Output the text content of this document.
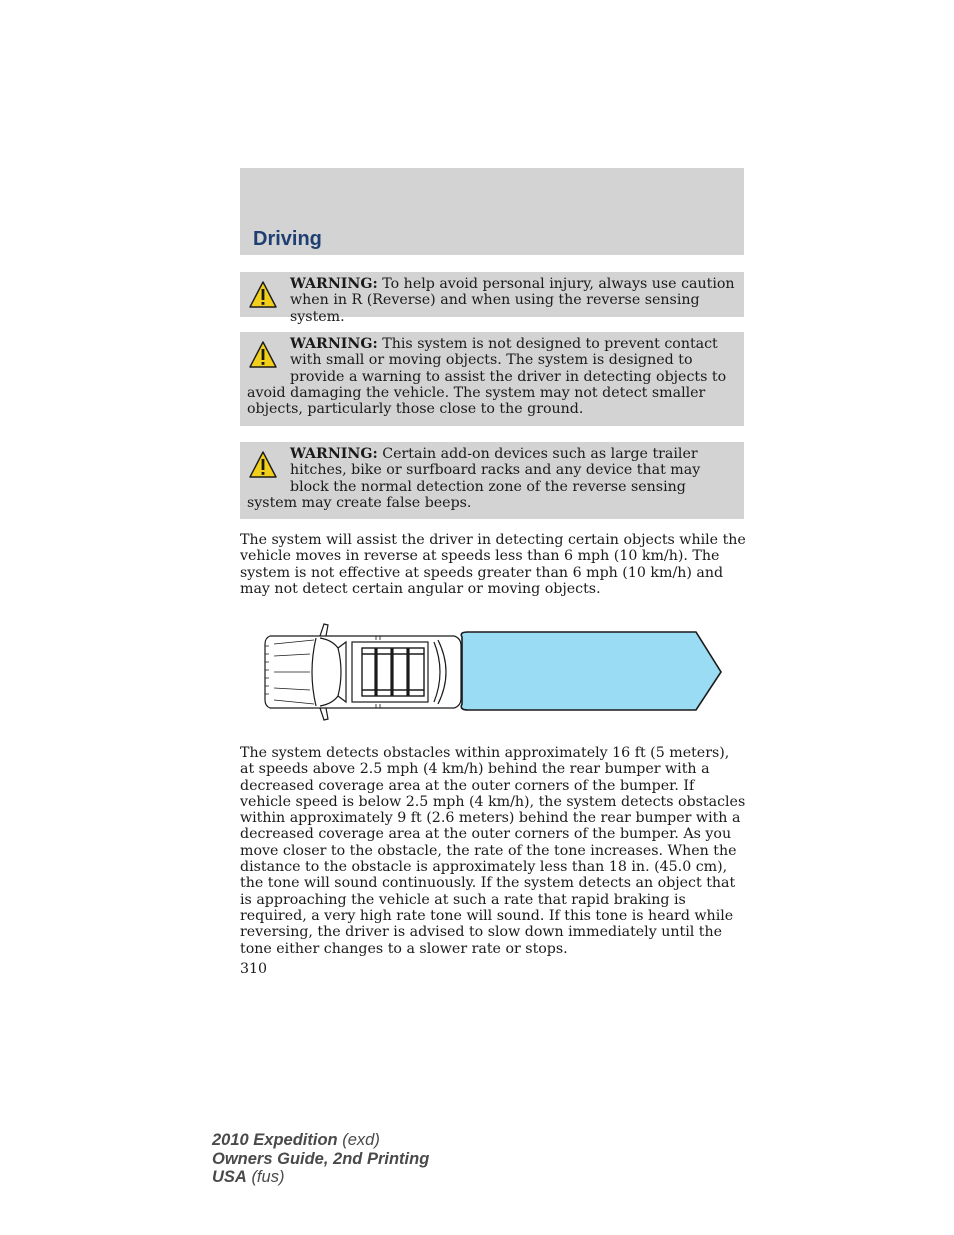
Driving
WARNING: To help avoid personal injury, always use caution when in R (Reverse) and when using the reverse sensing system.
WARNING: This system is not designed to prevent contact with small or moving objects. The system is designed to provide a warning to assist the driver in detecting objects to avoid damaging the vehicle. The system may not detect smaller objects, particularly those close to the ground.
WARNING: Certain add-on devices such as large trailer hitches, bike or surfboard racks and any device that may block the normal detection zone of the reverse sensing system may create false beeps.

The system will assist the driver in detecting certain objects while the vehicle moves in reverse at speeds less than 6 mph (10 km/h). The system is not effective at speeds greater than 6 mph (10 km/h) and may not detect certain angular or moving objects.

The system detects obstacles within approximately 16 ft (5 meters), at speeds above 2.5 mph (4 km/h) behind the rear bumper with a decreased coverage area at the outer corners of the bumper. If vehicle speed is below 2.5 mph (4 km/h), the system detects obstacles within approximately 9 ft (2.6 meters) behind the rear bumper with a decreased coverage area at the outer corners of the bumper. As you move closer to the obstacle, the rate of the tone increases. When the distance to the obstacle is approximately less than 18 in. (45.0 cm), the tone will sound continuously. If the system detects an object that is approaching the vehicle at such a rate that rapid braking is required, a very high rate tone will sound. If this tone is heard while reversing, the driver is advised to slow down immediately until the tone either changes to a slower rate or stops.

310
2010 Expedition (exd)
Owners Guide, 2nd Printing
USA (fus)
